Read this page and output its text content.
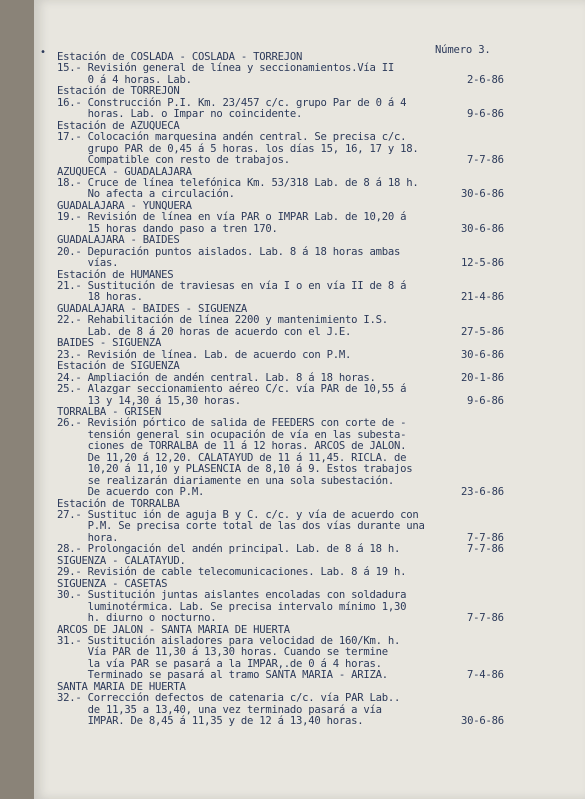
•	Número 3.
Estación de COSLADA - COSLADA - TORREJON
15.- Revisión general de línea y seccionamientos.Vía II
0 á 4 horas. Lab.	2-6-86
Estación de TORREJON
16.- Construcción P.I. Km. 23/457 c/c. grupo Par de 0 á 4
horas. Lab. o Impar no coincidente.	9-6-86
Estación de AZUQUECA
17.- Colocación marquesina andén central. Se precisa c/c.
grupo PAR de 0,45 á 5 horas. los días 15, 16, 17 y 18.
Compatible con resto de trabajos.	7-7-86
AZUQUECA - GUADALAJARA
18.- Cruce de línea telefónica Km. 53/318 Lab. de 8 á 18 h.
No afecta a circulación.	30-6-86
GUADALAJARA - YUNQUERA
19.- Revisión de línea en vía PAR o IMPAR Lab. de 10,20 á
15 horas dando paso a tren 170.	30-6-86
GUADALAJARA - BAIDES
20.- Depuración puntos aislados. Lab. 8 á 18 horas ambas
vías.	12-5-86
Estación de HUMANES
21.- Sustitución de traviesas en vía I o en vía II de 8 á
18 horas.	21-4-86
GUADALAJARA - BAIDES - SIGUENZA
22.- Rehabilitación de línea 2200 y mantenimiento I.S.
Lab. de 8 á 20 horas de acuerdo con el J.E.	27-5-86
BAIDES - SIGUENZA
23.- Revisión de línea. Lab. de acuerdo con P.M.	30-6-86
Estación de SIGUENZA
24.- Ampliación de andén central. Lab. 8 á 18 horas.	20-1-86
25.- Alazgar seccionamiento aéreo C/c. vía PAR de 10,55 á
13 y 14,30 á 15,30 horas.	9-6-86
TORRALBA - GRISEN
26.- Revisión pórtico de salida de FEEDERS con corte de -
tensión general sin ocupación de vía en las subesta-
ciones de TORRALBA de 11 á 12 horas. ARCOS de JALON.
De 11,20 á 12,20. CALATAYUD de 11 á 11,45. RICLA. de
10,20 á 11,10 y PLASENCIA de 8,10 á 9. Estos trabajos
se realizarán diariamente en una sola subestación.
De acuerdo con P.M.	23-6-86
Estación de TORRALBA
27.- Sustituc ión de aguja B y C. c/c. y vía de acuerdo con
P.M. Se precisa corte total de las dos vías durante una
hora.	7-7-86
28.- Prolongación del andén principal. Lab. de 8 á 18 h.	7-7-86
SIGUENZA - CALATAYUD.
29.- Revisión de cable telecomunicaciones. Lab. 8 á 19 h.
SIGUENZA - CASETAS
30.- Sustitución juntas aislantes encoladas con soldadura
luminotérmica. Lab. Se precisa intervalo mínimo 1,30
h. diurno o nocturno.	7-7-86
ARCOS DE JALON - SANTA MARIA DE HUERTA
31.- Sustitución aisladores para velocidad de 160/Km. h.
Vía PAR de 11,30 á 13,30 horas. Cuando se termine
la vía PAR se pasará a la IMPAR,.de 0 á 4 horas.
Terminado se pasará al tramo SANTA MARIA - ARIZA.	7-4-86
SANTA MARIA DE HUERTA
32.- Corrección defectos de catenaria c/c. vía PAR Lab..
de 11,35 a 13,40, una vez terminado pasará a vía
IMPAR. De 8,45 á 11,35 y de 12 á 13,40 horas.	30-6-86
